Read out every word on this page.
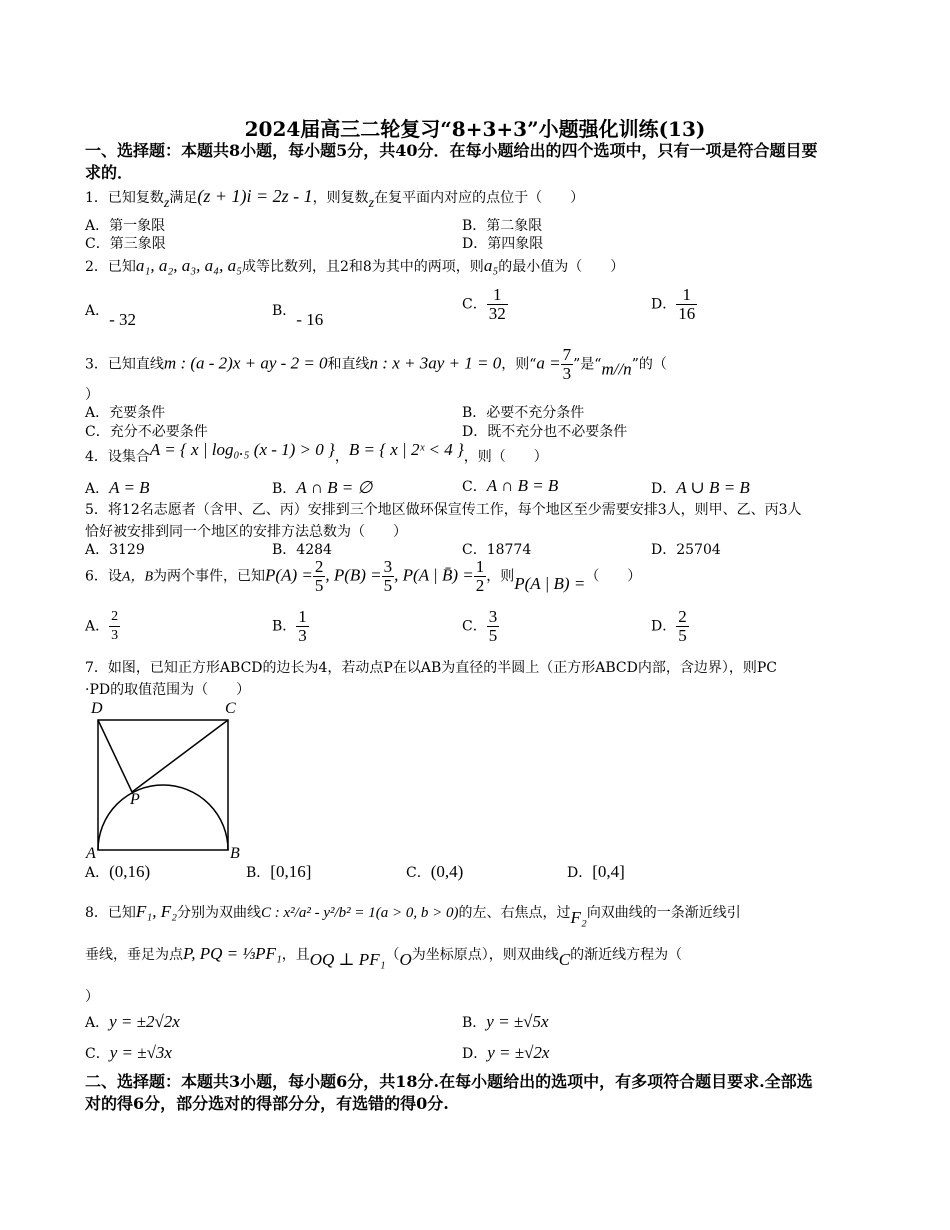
2024届高三二轮复习“8+3+3”小题强化训练(13)
一、选择题：本题共8小题，每小题5分，共40分．在每小题给出的四个选项中，只有一项是符合题目要求的．
1．已知复数z满足(z + 1)i = 2z - 1，则复数z在复平面内对应的点位于（　　）
A．第一象限	B．第二象限
C．第三象限	D．第四象限
2．已知a₁, a₂, a₃, a₄, a₅成等比数列，且2和8为其中的两项，则a₅的最小值为（　　）
A．- 32	B．- 16
C． $\frac{1}{32}$	D． $\frac{1}{16}$
3．已知直线m : (a - 2)x + ay - 2 = 0和直线n : x + 3ay + 1 = 0，则“$a = \frac{7}{3}$ ”是“m//n”的（
）
A．充要条件	B．必要不充分条件
C．充分不必要条件	D．既不充分也不必要条件
4．设集合A = { x | log₀.₅ (x - 1) > 0 }，B = { x | 2ˣ < 4 }，则（　　）
A．A = B	B．A ∩ B = ∅	C．A ∩ B = B	D．A ∪ B = B
5．将12名志愿者（含甲、乙、丙）安排到三个地区做环保宣传工作，每个地区至少需要安排3人，则甲、乙、丙3人恰好被安排到同一个地区的安排方法总数为（　　）
A．3129	B．4284	C．18774	D．25704
6．设A，B为两个事件，已知$P(A) = \frac{2}{5}$ , $P(B) = \frac{3}{5}$ , P(A | B̄) = $\frac{1}{2}$ ，则P(A | B) =（　　）
A． $\frac{2}{3}$	B． $\frac{1}{3}$	C． $\frac{3}{5}$	D． $\frac{2}{5}$
7．如图，已知正方形ABCD的边长为4，若动点P在以AB为直径的半圆上（正方形ABCD内部，含边界），则PC ·PD的取值范围为（　　）
D	C
P
A	B
A．(0,16)	B．[0,16]	C．(0,4)	D．[0,4]
8．已知F₁, F₂分别为双曲线C : x²/a² - y²/b² = 1(a > 0, b > 0)的左、右焦点，过F₂向双曲线的一条渐近线引
垂线，垂足为点P, PQ = ⅓PF₁，且OQ ⊥ PF₁（O为坐标原点），则双曲线C的渐近线方程为（
）
A．y = ±2√2x	B．y = ±√5x
C．y = ±√3x	D．y = ±√2x
二、选择题：本题共3小题，每小题6分，共18分.在每小题给出的选项中，有多项符合题目要求.全部选对的得6分，部分选对的得部分分，有选错的得0分.
